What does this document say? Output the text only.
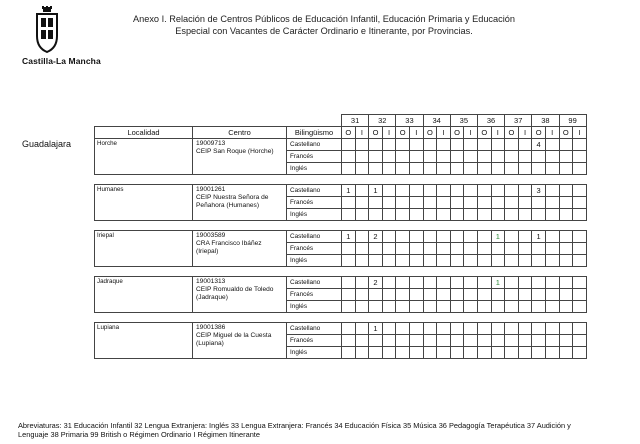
Castilla-La Mancha
Anexo I. Relación de Centros Públicos de Educación Infantil, Educación Primaria y Educación
Especial con Vacantes de Carácter Ordinario e Itinerante, por Provincias.
Guadalajara
			31		32		33		34		35		36		37		38		99	
Localidad	Centro	Bilingüismo	O	I	O	I	O	I	O	I	O	I	O	I	O	I	O	I	O	I
Horche	19009713
CEIP San Roque (Horche)	Castellano															4			
		Francés																		
		Inglés																		

Humanes	19001261
CEIP Nuestra Señora de Peñahora (Humanes)	Castellano	1		1												3			
		Francés																		
		Inglés																		

Iriepal	19003589
CRA Francisco Ibáñez (Iriepal)	Castellano	1		2									1			1			
		Francés																		
		Inglés																		

Jadraque	19001313
CEIP Romualdo de Toledo (Jadraque)	Castellano			2									1						
		Francés																		
		Inglés																		

Lupiana	19001386
CEIP Miguel de la Cuesta (Lupiana)	Castellano			1															
		Francés																		
		Inglés																		
Abreviaturas: 31 Educación Infantil 32 Lengua Extranjera: Inglés 33 Lengua Extranjera: Francés 34 Educación Física 35 Música 36 Pedagogía Terapéutica 37 Audición y
Lenguaje 38 Primaria 99 British o Régimen Ordinario I Régimen Itinerante
